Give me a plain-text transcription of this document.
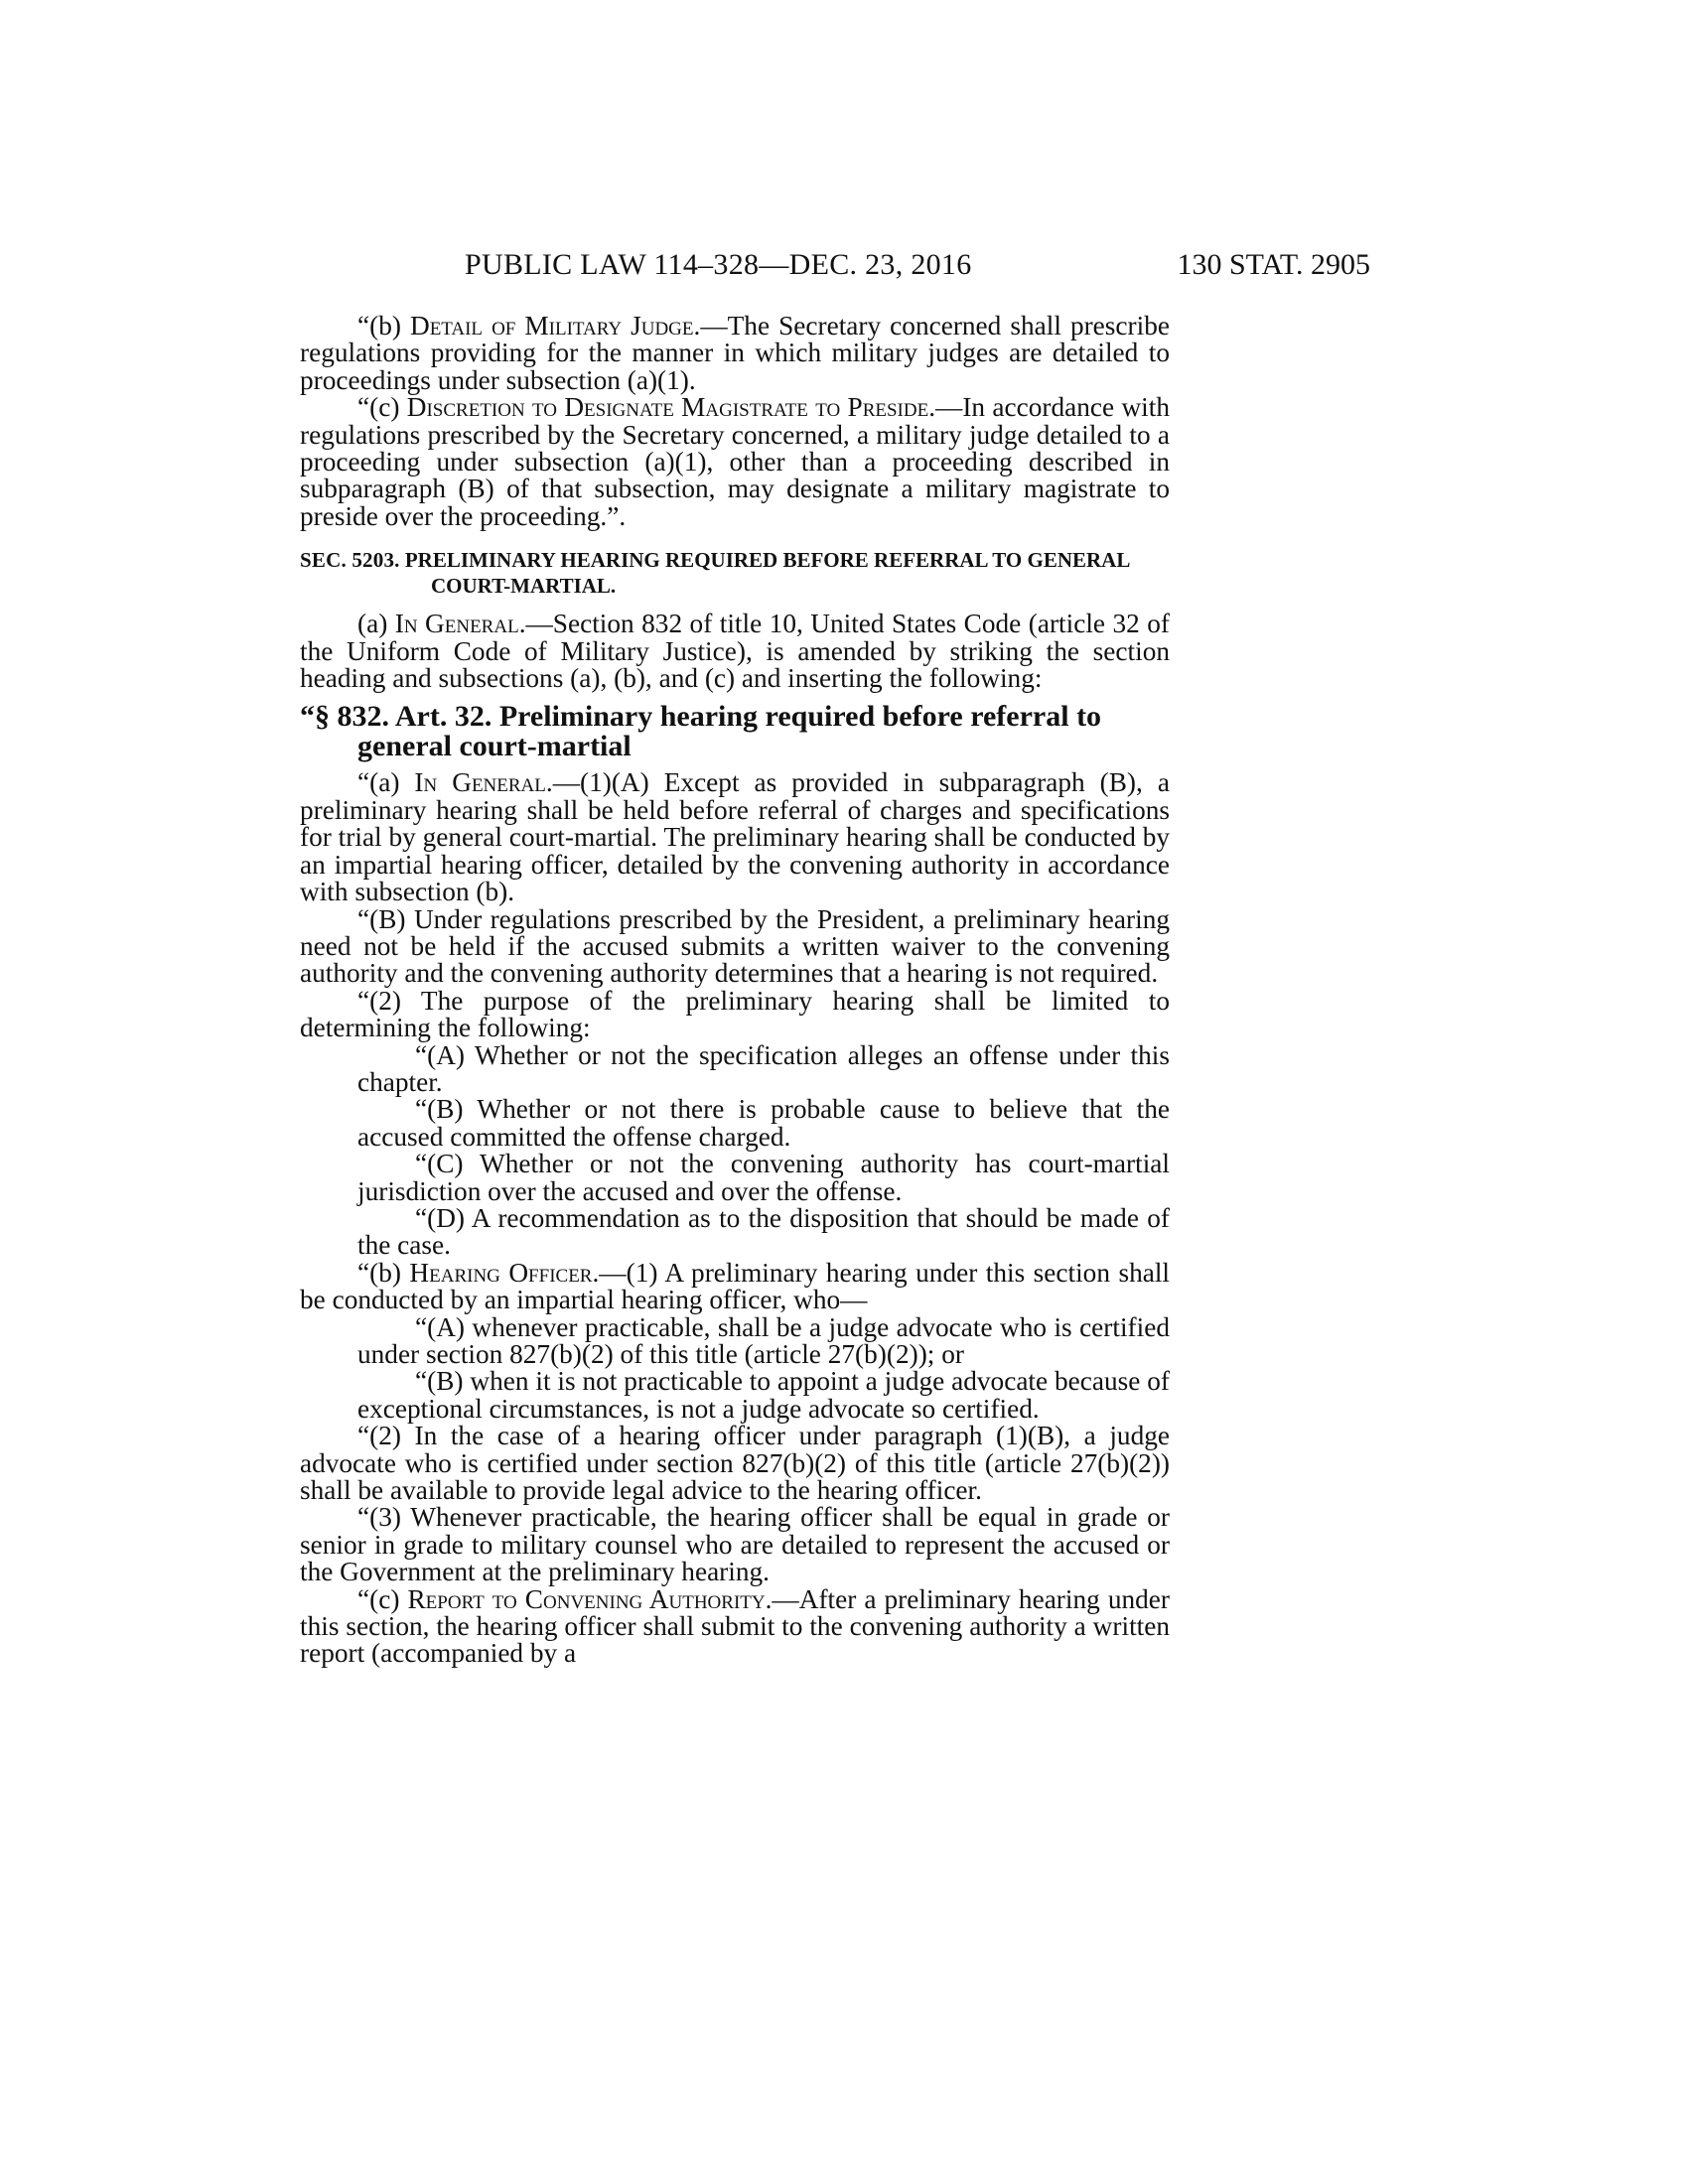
PUBLIC LAW 114–328—DEC. 23, 2016	130 STAT. 2905

“(b) Detail of Military Judge.—The Secretary concerned shall prescribe regulations providing for the manner in which military judges are detailed to proceedings under subsection (a)(1).

“(c) Discretion to Designate Magistrate to Preside.—In accordance with regulations prescribed by the Secretary concerned, a military judge detailed to a proceeding under subsection (a)(1), other than a proceeding described in subparagraph (B) of that subsection, may designate a military magistrate to preside over the proceeding.”.

SEC. 5203. PRELIMINARY HEARING REQUIRED BEFORE REFERRAL TO GENERAL COURT-MARTIAL.

(a) In General.—Section 832 of title 10, United States Code (article 32 of the Uniform Code of Military Justice), is amended by striking the section heading and subsections (a), (b), and (c) and inserting the following:

“§ 832. Art. 32. Preliminary hearing required before referral to general court-martial

“(a) In General.—(1)(A) Except as provided in subparagraph (B), a preliminary hearing shall be held before referral of charges and specifications for trial by general court-martial. The preliminary hearing shall be conducted by an impartial hearing officer, detailed by the convening authority in accordance with subsection (b).

“(B) Under regulations prescribed by the President, a preliminary hearing need not be held if the accused submits a written waiver to the convening authority and the convening authority determines that a hearing is not required.

“(2) The purpose of the preliminary hearing shall be limited to determining the following:

“(A) Whether or not the specification alleges an offense under this chapter.

“(B) Whether or not there is probable cause to believe that the accused committed the offense charged.

“(C) Whether or not the convening authority has court-martial jurisdiction over the accused and over the offense.

“(D) A recommendation as to the disposition that should be made of the case.

“(b) Hearing Officer.—(1) A preliminary hearing under this section shall be conducted by an impartial hearing officer, who—

“(A) whenever practicable, shall be a judge advocate who is certified under section 827(b)(2) of this title (article 27(b)(2)); or

“(B) when it is not practicable to appoint a judge advocate because of exceptional circumstances, is not a judge advocate so certified.

“(2) In the case of a hearing officer under paragraph (1)(B), a judge advocate who is certified under section 827(b)(2) of this title (article 27(b)(2)) shall be available to provide legal advice to the hearing officer.

“(3) Whenever practicable, the hearing officer shall be equal in grade or senior in grade to military counsel who are detailed to represent the accused or the Government at the preliminary hearing.

“(c) Report to Convening Authority.—After a preliminary hearing under this section, the hearing officer shall submit to the convening authority a written report (accompanied by a
